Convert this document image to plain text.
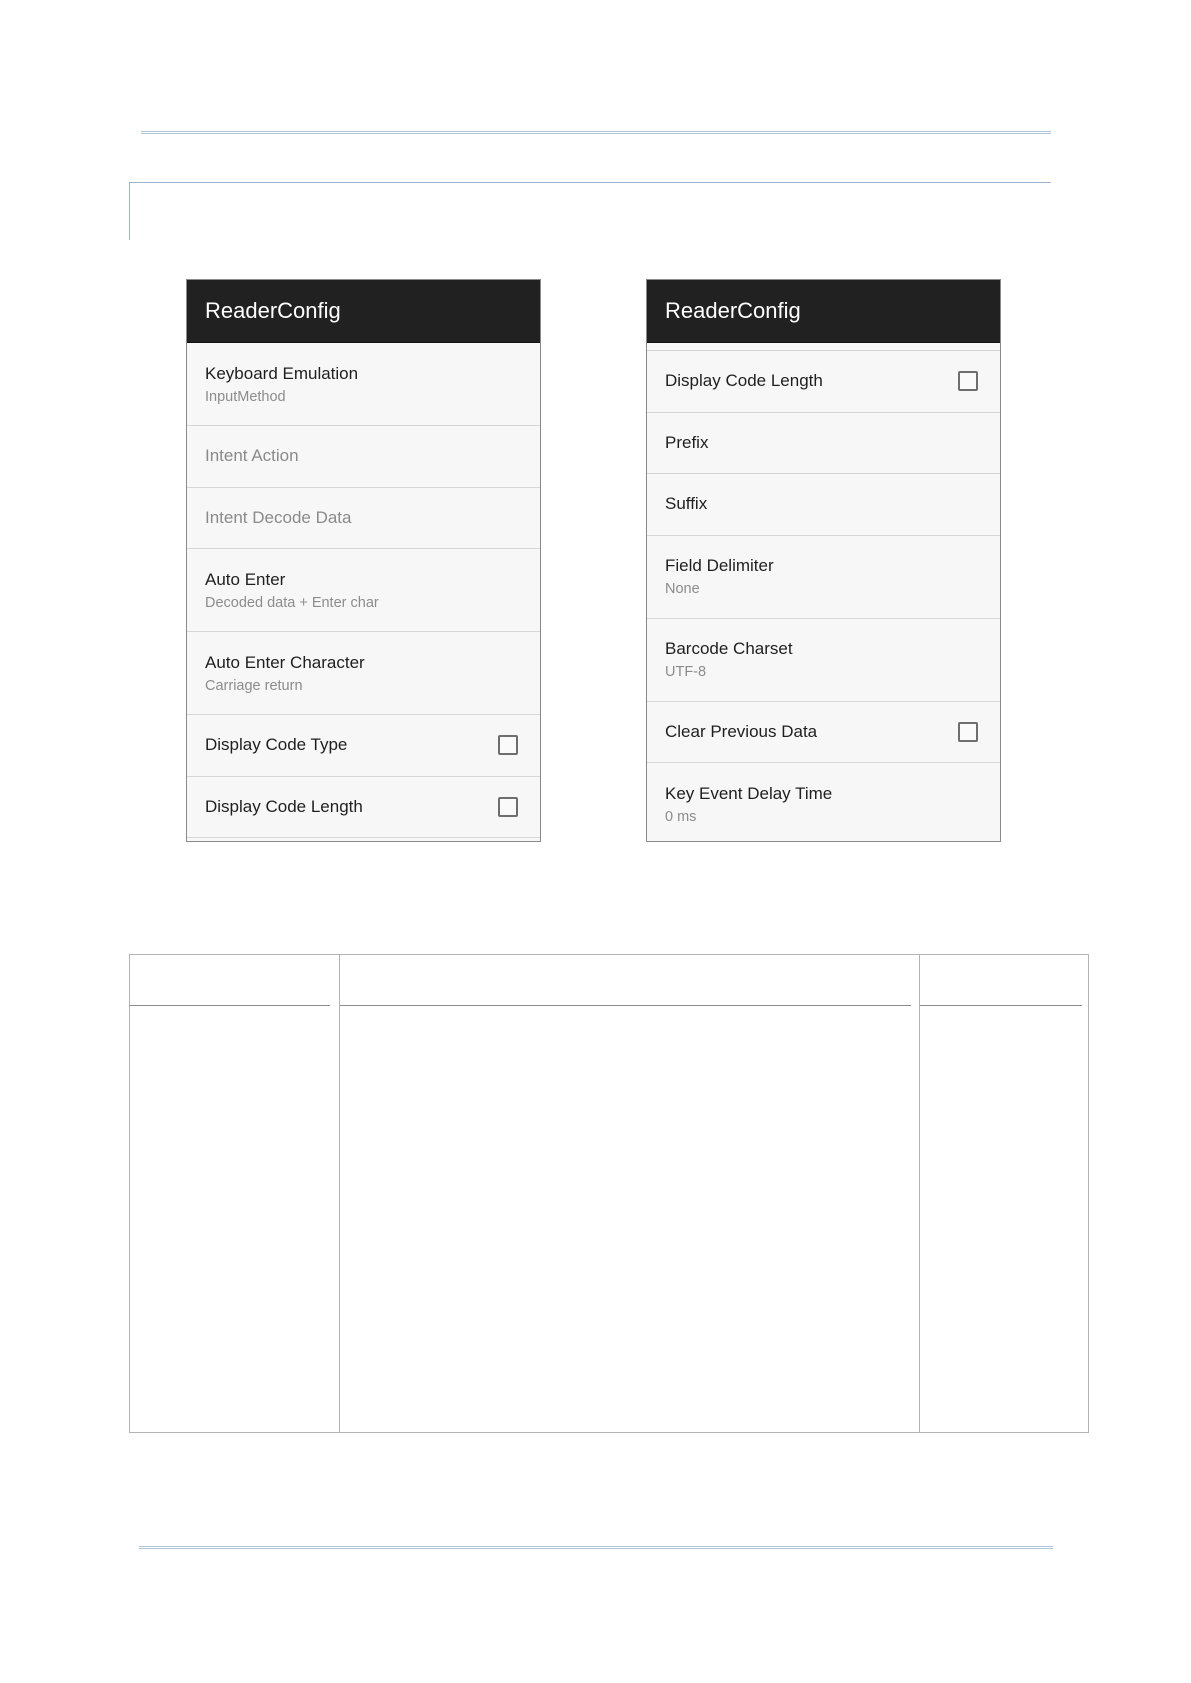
ReaderConfig
Keyboard Emulation
InputMethod
Intent Action
Intent Decode Data
Auto Enter
Decoded data + Enter char
Auto Enter Character
Carriage return
Display Code Type
Display Code Length
ReaderConfig
Display Code Length
Prefix
Suffix
Field Delimiter
None
Barcode Charset
UTF-8
Clear Previous Data
Key Event Delay Time
0 ms
